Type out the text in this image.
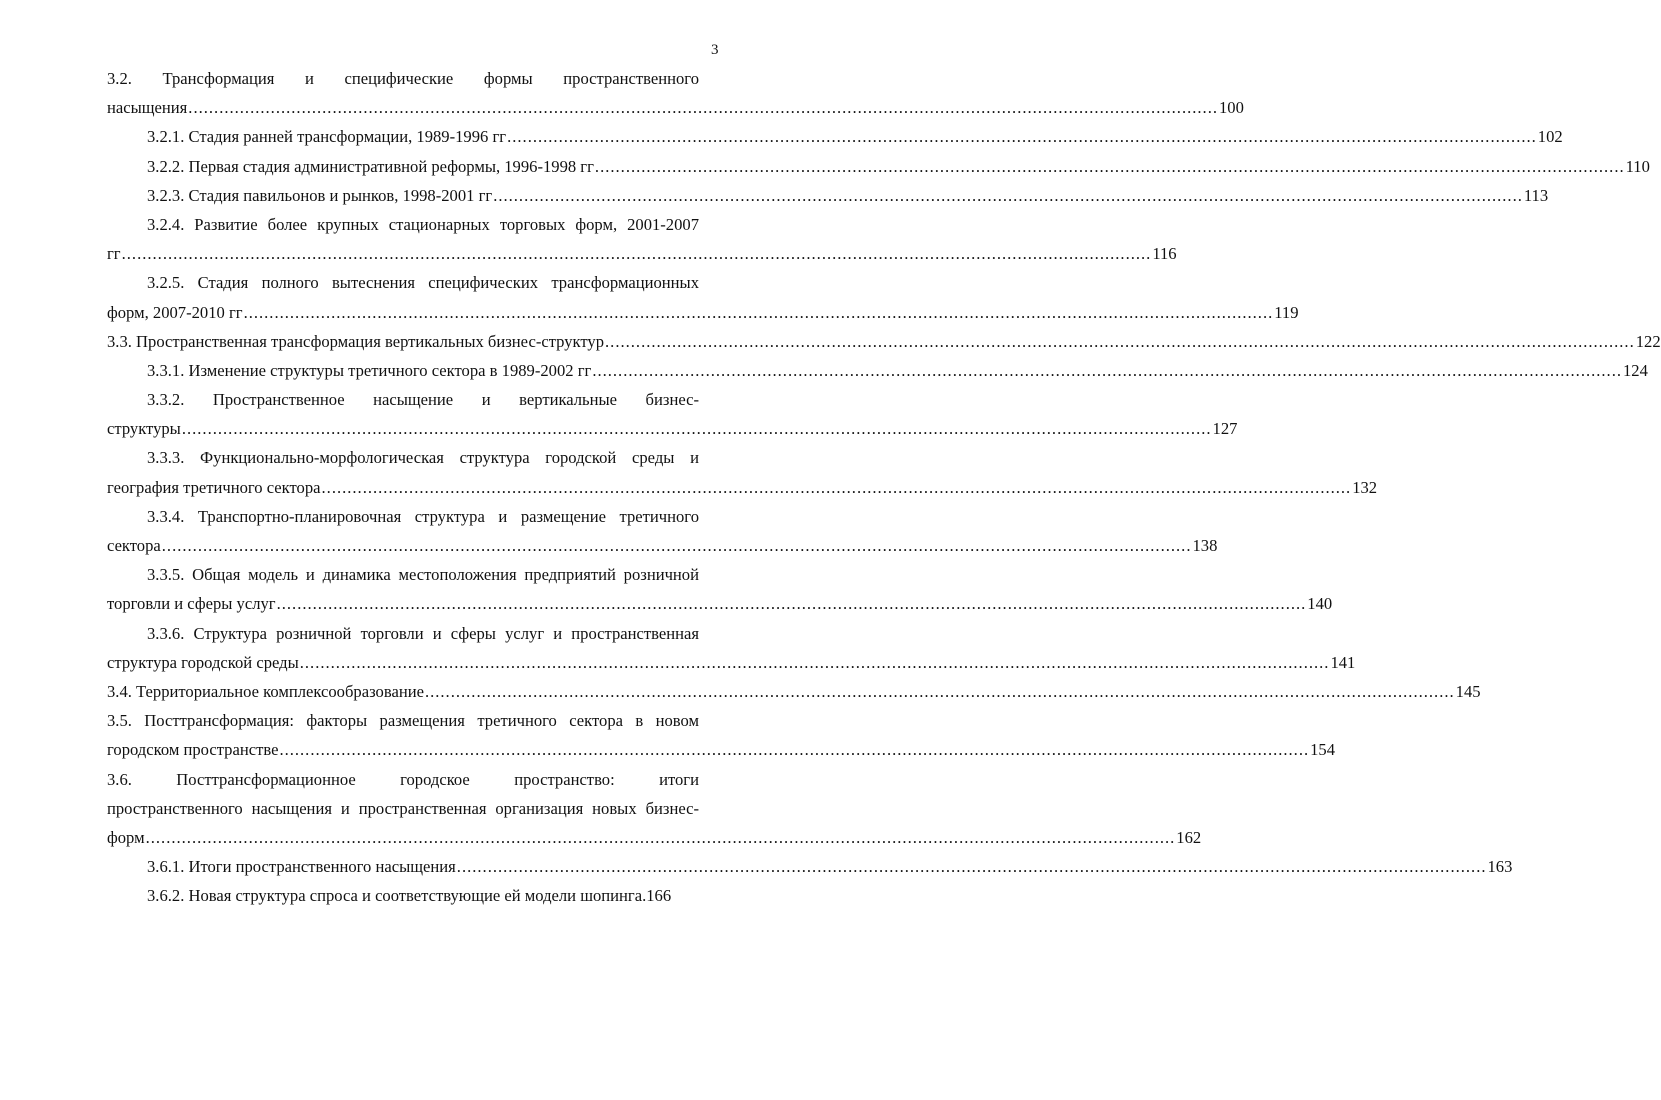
3
3.2. Трансформация и специфические формы пространственного
насыщения ........................................................................................................................................................................................................ 100
3.2.1. Стадия ранней трансформации, 1989-1996 гг ........................................................................................................................................................................................................ 102
3.2.2. Первая стадия административной реформы, 1996-1998 гг ........................................................................................................................................................................................................ 110
3.2.3. Стадия павильонов и рынков, 1998-2001 гг ........................................................................................................................................................................................................ 113
3.2.4. Развитие более крупных стационарных торговых форм, 2001-2007
гг ........................................................................................................................................................................................................ 116
3.2.5. Стадия полного вытеснения специфических трансформационных
форм, 2007-2010 гг ........................................................................................................................................................................................................ 119
3.3. Пространственная трансформация вертикальных бизнес-структур ........................................................................................................................................................................................................ 122
3.3.1. Изменение структуры третичного сектора в 1989-2002 гг ........................................................................................................................................................................................................ 124
3.3.2. Пространственное насыщение и вертикальные бизнес-
структуры ........................................................................................................................................................................................................ 127
3.3.3. Функционально-морфологическая структура городской среды и
география третичного сектора ........................................................................................................................................................................................................ 132
3.3.4. Транспортно-планировочная структура и размещение третичного
сектора ........................................................................................................................................................................................................ 138
3.3.5. Общая модель и динамика местоположения предприятий розничной
торговли и сферы услуг ........................................................................................................................................................................................................ 140
3.3.6. Структура розничной торговли и сферы услуг и пространственная
структура городской среды ........................................................................................................................................................................................................ 141
3.4. Территориальное комплексообразование ........................................................................................................................................................................................................ 145
3.5. Посттрансформация: факторы размещения третичного сектора в новом
городском пространстве ........................................................................................................................................................................................................ 154
3.6. Посттрансформационное городское пространство: итоги
пространственного насыщения и пространственная организация новых бизнес-
форм ........................................................................................................................................................................................................ 162
3.6.1. Итоги пространственного насыщения ........................................................................................................................................................................................................ 163
3.6.2. Новая структура спроса и соответствующие ей модели шопинга. 166
